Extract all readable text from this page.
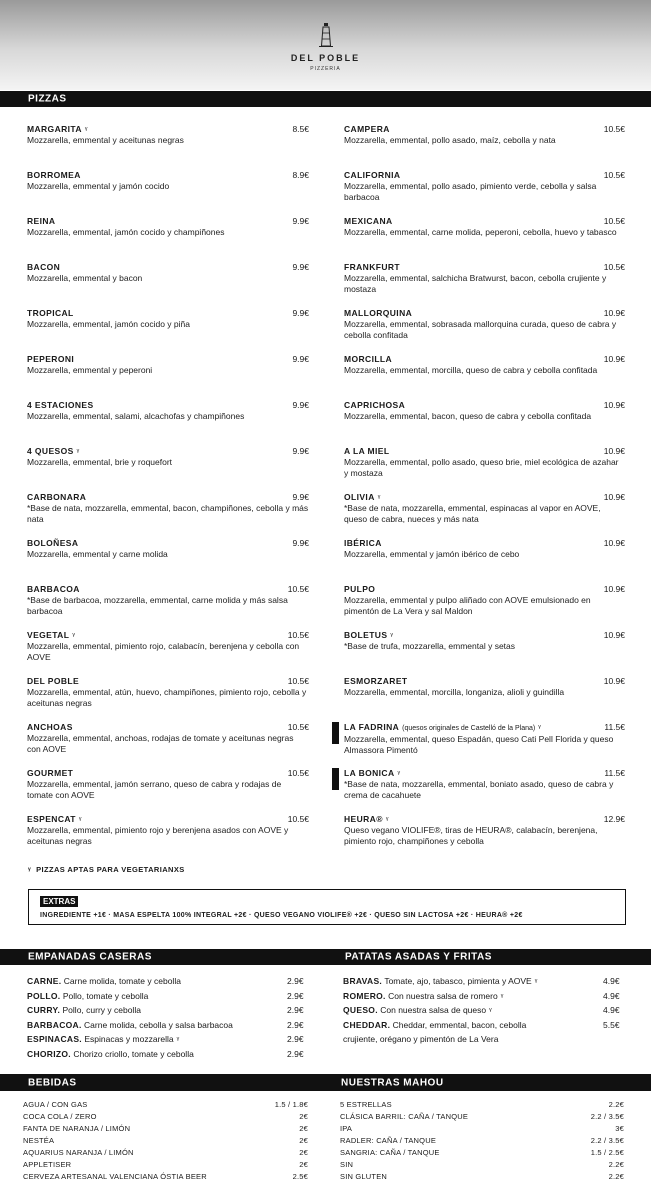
DEL POBLE
PIZZERIA
PIZZAS
MARGARITA ᵞ	8.5€
Mozzarella, emmental y aceitunas negras
BORROMEA	8.9€
Mozzarella, emmental y jamón cocido
REINA	9.9€
Mozzarella, emmental, jamón cocido y champiñones
BACON	9.9€
Mozzarella, emmental y bacon
TROPICAL	9.9€
Mozzarella, emmental, jamón cocido y piña
PEPERONI	9.9€
Mozzarella, emmental y peperoni
4 ESTACIONES	9.9€
Mozzarella, emmental, salami, alcachofas y champiñones
4 QUESOS ᵞ	9.9€
Mozzarella, emmental, brie y roquefort
CARBONARA	9.9€
*Base de nata, mozzarella, emmental, bacon, champiñones, cebolla y más nata
BOLOÑESA	9.9€
Mozzarella, emmental y carne molida
BARBACOA	10.5€
*Base de barbacoa, mozzarella, emmental, carne molida y más salsa barbacoa
VEGETAL ᵞ	10.5€
Mozzarella, emmental, pimiento rojo, calabacín, berenjena y cebolla con AOVE
DEL POBLE	10.5€
Mozzarella, emmental, atún, huevo, champiñones, pimiento rojo, cebolla y aceitunas negras
ANCHOAS	10.5€
Mozzarella, emmental, anchoas, rodajas de tomate y aceitunas negras con AOVE
GOURMET	10.5€
Mozzarella, emmental, jamón serrano, queso de cabra y rodajas de tomate con AOVE
ESPENCAT ᵞ	10.5€
Mozzarella, emmental, pimiento rojo y berenjena asados con AOVE y aceitunas negras
CAMPERA	10.5€
Mozzarella, emmental, pollo asado, maíz, cebolla y nata
CALIFORNIA	10.5€
Mozzarella, emmental, pollo asado, pimiento verde, cebolla y salsa barbacoa
MEXICANA	10.5€
Mozzarella, emmental, carne molida, peperoni, cebolla, huevo y tabasco
FRANKFURT	10.5€
Mozzarella, emmental, salchicha Bratwurst, bacon, cebolla crujiente y mostaza
MALLORQUINA	10.9€
Mozzarella, emmental, sobrasada mallorquina curada, queso de cabra y cebolla confitada
MORCILLA	10.9€
Mozzarella, emmental, morcilla, queso de cabra y cebolla confitada
CAPRICHOSA	10.9€
Mozzarella, emmental, bacon, queso de cabra y cebolla confitada
A LA MIEL	10.9€
Mozzarella, emmental, pollo asado, queso brie, miel ecológica de azahar y mostaza
OLIVIA ᵞ	10.9€
*Base de nata, mozzarella, emmental, espinacas al vapor en AOVE, queso de cabra, nueces y más nata
IBÉRICA	10.9€
Mozzarella, emmental y jamón ibérico de cebo
PULPO	10.9€
Mozzarella, emmental y pulpo aliñado con AOVE emulsionado en pimentón de La Vera y sal Maldon
BOLETUS ᵞ	10.9€
*Base de trufa, mozzarella, emmental y setas
ESMORZARET	10.9€
Mozzarella, emmental, morcilla, longaniza, alioli y guindilla
LA FADRINA (quesos originales de Castelló de la Plana) ᵞ	11.5€
Mozzarella, emmental, queso Espadán, queso Cati Pell Florida y queso Almassora Pimentó
LA BONICA ᵞ	11.5€
*Base de nata, mozzarella, emmental, boniato asado, queso de cabra y crema de cacahuete
HEURA® ᵞ	12.9€
Queso vegano VIOLIFE®, tiras de HEURA®, calabacín, berenjena, pimiento rojo, champiñones y cebolla
ᵞ PIZZAS APTAS PARA VEGETARIANXS
EXTRAS
INGREDIENTE +1€ · MASA ESPELTA 100% INTEGRAL +2€ · QUESO VEGANO VIOLIFE® +2€ · QUESO SIN LACTOSA +2€ · HEURA® +2€
EMPANADAS CASERAS	PATATAS ASADAS Y FRITAS
CARNE. Carne molida, tomate y cebolla	2.9€
POLLO. Pollo, tomate y cebolla	2.9€
CURRY. Pollo, curry y cebolla	2.9€
BARBACOA. Carne molida, cebolla y salsa barbacoa	2.9€
ESPINACAS. Espinacas y mozzarella ᵞ	2.9€
CHORIZO. Chorizo criollo, tomate y cebolla	2.9€
BRAVAS. Tomate, ajo, tabasco, pimienta y AOVE ᵞ	4.9€
ROMERO. Con nuestra salsa de romero ᵞ	4.9€
QUESO. Con nuestra salsa de queso ᵞ	4.9€
CHEDDAR. Cheddar, emmental, bacon, cebolla	5.5€
crujiente, orégano y pimentón de La Vera
BEBIDAS	NUESTRAS MAHOU
AGUA / CON GAS	1.5 / 1.8€
COCA COLA / ZERO	2€
FANTA DE NARANJA / LIMÓN	2€
NESTÉA	2€
AQUARIUS NARANJA / LIMÓN	2€
APPLETISER	2€
CERVEZA ARTESANAL VALENCIANA ÓSTIA BEER	2.5€
5 ESTRELLAS	2.2€
CLÁSICA BARRIL: CAÑA / TANQUE	2.2 / 3.5€
IPA	3€
RADLER: CAÑA / TANQUE	2.2 / 3.5€
SANGRIA: CAÑA / TANQUE	1.5 / 2.5€
SIN	2.2€
SIN GLUTEN	2.2€
